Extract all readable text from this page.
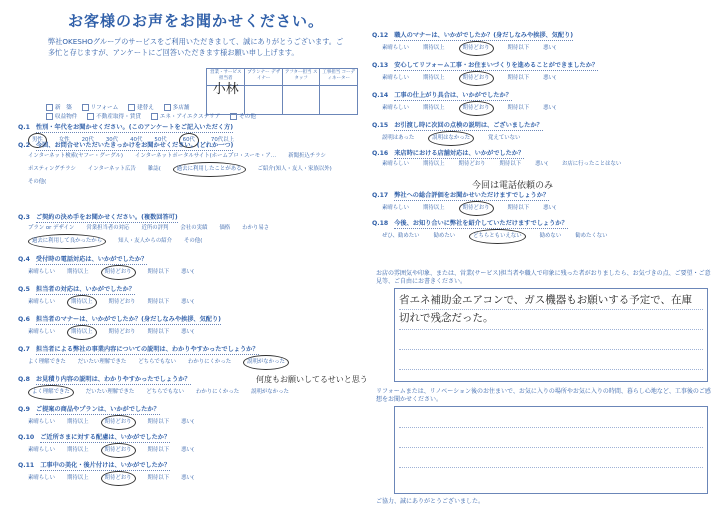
お客様のお声をお聞かせください。
弊社OKESHOグループのサービスをご利用いただきまして、誠にありがとうございます。ご多忙と存じますが、アンケートにご回答いただきます様お願い申し上げます。
営業・サービス担当者	プランナー デザイナー	アフター担当 スタッフ	工事担当 コーディネーター
小林			
新　築	リフォーム	建替え	多店舗
収益物件	不動産取得・賃貸	エネ・アイエクステリア	その他
Q.1 性別・年代をお聞かせください。(このアンケートをご記入いただく方)
男性	女性 20代 30代 40代 50代	60代	70代以上
Q.2 今回、お問合せいただいたきっかけをお聞かせください。(どれか一つ)
インターネット検索(ヤフー・グーグル) インターネットポータルサイト(ホームプロ・スーモ・ア… 新聞折込チラシポスティングチラシ インターネット広告 雑誌(	過去に利用したことがある	ご紹介(知人・友人・家族以外)その他(
Q.3 ご契約の決め手をお聞かせください。(複数回答可)
プラン or デザイン 営業担当者の対応 近所の評判 会社の実績 価格 わかり易さ過去に利用して良かったから	知人・友人からの紹介 その他(
Q.4 受付時の電話対応は、いかがでしたか？
素晴らしい 期待以上	期待どおり	期待以下 悪い(
Q.5 担当者の対応は、いかがでしたか？
素晴らしい	期待以上	期待どおり 期待以下 悪い(
Q.6 担当者のマナーは、いかがでしたか？(身だしなみや挨拶、気配り)
素晴らしい	期待以上	期待どおり 期待以下 悪い(
Q.7 担当者による弊社の事業内容についての説明は、わかりやすかったでしょうか？
よく理解できた だいたい理解できた どちらでもない わかりにくかった	説明がなかった
Q.8 お見積り内容の説明は、わかりやすかったでしょうか？
よく理解できた	だいたい理解できた どちらでもない わかりにくかった 説明がなかった
Q.9 ご提案の商品やプランは、いかがでしたか？
素晴らしい 期待以上	期待どおり	期待以下 悪い(
Q.10 ご近所さまに対する配慮は、いかがでしたか？
素晴らしい 期待以上	期待どおり	期待以下 悪い(
Q.11 工事中の美化・後片付けは、いかがでしたか？
素晴らしい 期待以上	期待どおり	期待以下 悪い(
何度もお願いしてるせいと思う
Q.12 職人のマナーは、いかがでしたか？(身だしなみや挨拶、気配り)
素晴らしい	期待以上	期待どおり	期待以下	悪い(
Q.13 安心してリフォーム工事・お住まいづくりを進めることができましたか？
素晴らしい	期待以上	期待どおり	期待以下	悪い(
Q.14 工事の仕上がり具合は、いかがでしたか？
素晴らしい	期待以上	期待どおり	期待以下	悪い(
Q.15 お引渡し時に次回の点検の説明は、ございましたか？
説明はあった	説明はなかった	覚えていない
Q.16 来店時における店舗対応は、いかがでしたか？
素晴らしい	期待以上	期待どおり	期待以下	悪い(	お店に行ったことはない
Q.17 弊社への総合評価をお聞かせいただけますでしょうか？
素晴らしい	期待以上	期待どおり	期待以下	悪い(
Q.18 今後、お知り合いに弊社を紹介していただけますでしょうか？
ぜひ、勧めたい	勧めたい	どちらともいえない	勧めない	勧めたくない
今回は電話依頼のみ
お店の雰囲気や印象、または、営業(サービス)担当者や職人で印象に残った者がおりましたら、お気づきの点、ご要望・ご意見等、ご自由にお書きください。
省エネ補助金エアコンで、ガス機器もお願いする予定で、在庫切れで残念だった。
リフォームまたは、リノベーション後のお住まいで、お気に入りの場所やお気に入りの時間、暮らし心地など、工事後のご感想をお聞かせください。
ご協力、誠にありがとうございました。
